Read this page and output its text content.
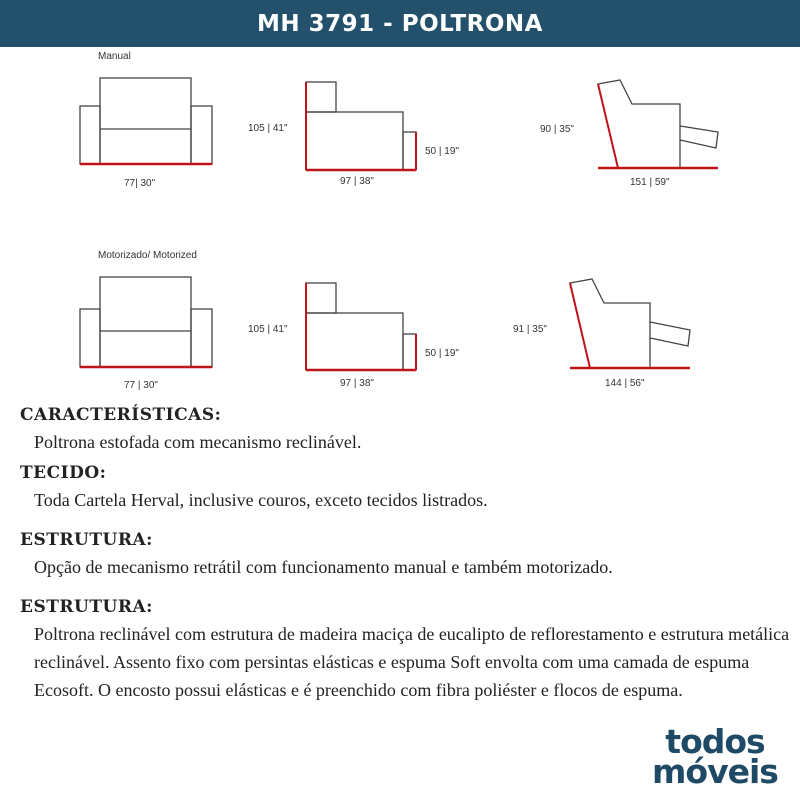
MH 3791 - POLTRONA
Manual
77| 30"
105 | 41"
50 | 19"
97 | 38"
90 | 35"
151 | 59"
Motorizado/ Motorized
77 | 30"
105 | 41"
50 | 19"
97 | 38"
91 | 35"
144 | 56"
CARACTERÍSTICAS:

Poltrona estofada com mecanismo reclinável.

TECIDO:

Toda Cartela Herval, inclusive couros, exceto tecidos listrados.

ESTRUTURA:

Opção de mecanismo retrátil com funcionamento manual e também motorizado.

ESTRUTURA:

Poltrona reclinável com estrutura de madeira maciça de eucalipto de reflorestamento e estrutura metálica reclinável. Assento fixo com persintas elásticas e espuma Soft envolta com uma camada de espuma Ecosoft. O encosto possui elásticas e é preenchido com fibra poliéster e flocos de espuma.

todos
móveis
